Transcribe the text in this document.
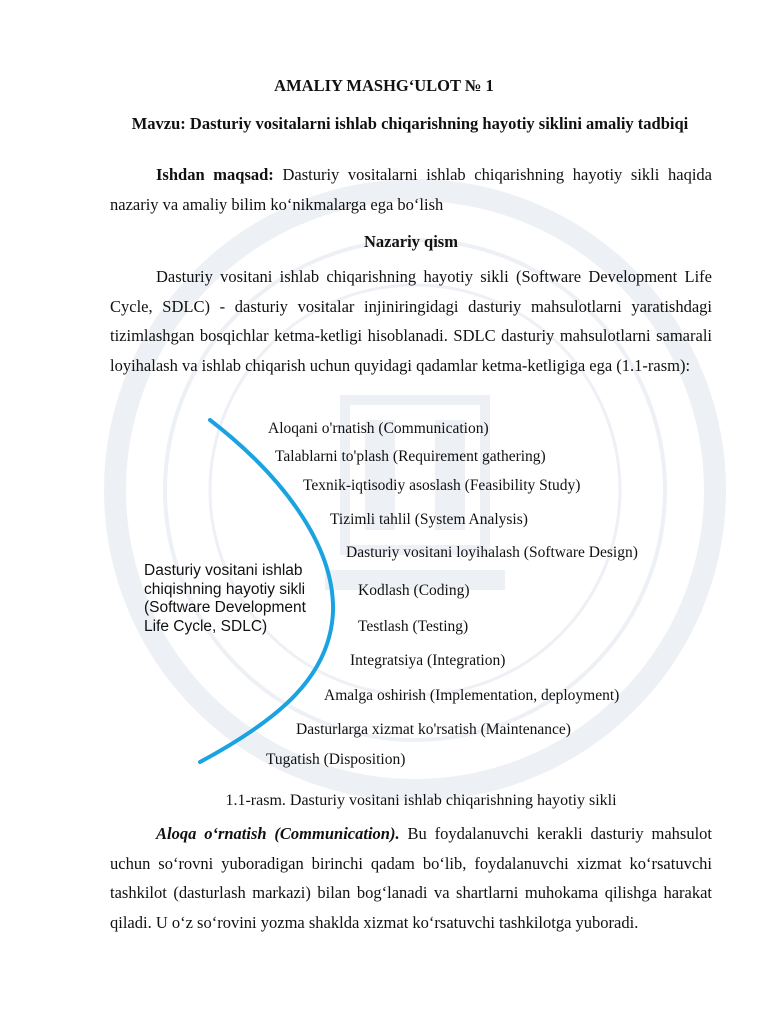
AMALIY MASHG‘ULOT № 1
Mavzu: Dasturiy vositalarni ishlab chiqarishning hayotiy siklini amaliy tadbiqi
Ishdan maqsad: Dasturiy vositalarni ishlab chiqarishning hayotiy sikli haqida nazariy va amaliy bilim ko‘nikmalarga ega bo‘lish
Nazariy qism
Dasturiy vositani ishlab chiqarishning hayotiy sikli (Software Development Life Cycle, SDLC) - dasturiy vositalar injiniringidagi dasturiy mahsulotlarni yaratishdagi tizimlashgan bosqichlar ketma-ketligi hisoblanadi. SDLC dasturiy mahsulotlarni samarali loyihalash va ishlab chiqarish uchun quyidagi qadamlar ketma-ketligiga ega (1.1-rasm):
Dasturiy vositani ishlab chiqishning hayotiy sikli (Software Development Life Cycle, SDLC)
Aloqani o'rnatish (Communication)
Talablarni to'plash (Requirement gathering)
Texnik-iqtisodiy asoslash (Feasibility Study)
Tizimli tahlil (System Analysis)
Dasturiy vositani loyihalash (Software Design)
Kodlash (Coding)
Testlash (Testing)
Integratsiya (Integration)
Amalga oshirish (Implementation, deployment)
Dasturlarga xizmat ko'rsatish (Maintenance)
Tugatish (Disposition)
1.1-rasm. Dasturiy vositani ishlab chiqarishning hayotiy sikli
Aloqa o‘rnatish (Communication). Bu foydalanuvchi kerakli dasturiy mahsulot uchun so‘rovni yuboradigan birinchi qadam bo‘lib, foydalanuvchi xizmat ko‘rsatuvchi tashkilot (dasturlash markazi) bilan bog‘lanadi va shartlarni muhokama qilishga harakat qiladi. U o‘z so‘rovini yozma shaklda xizmat ko‘rsatuvchi tashkilotga yuboradi.
